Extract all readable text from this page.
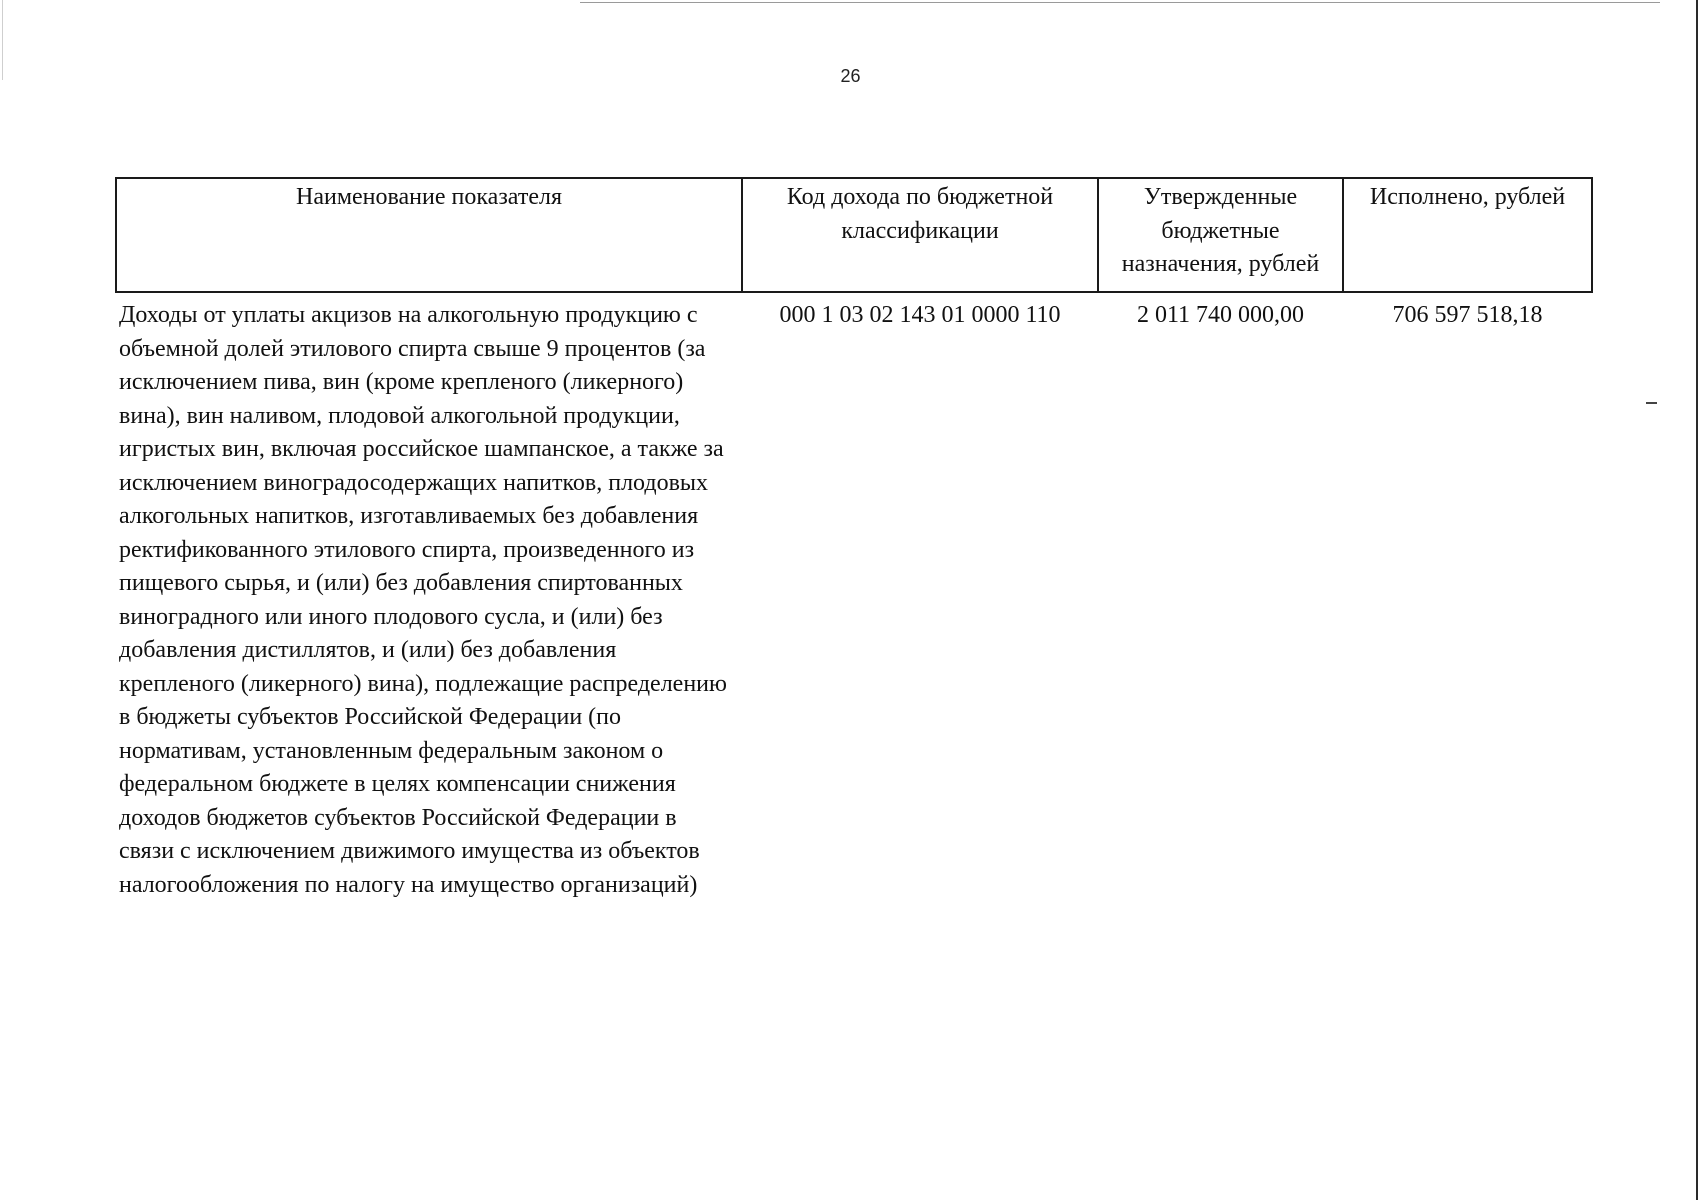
26
Наименование показателя	Код дохода по бюджетной классификации	Утвержденные бюджетные назначения, рублей	Исполнено, рублей
Доходы от уплаты акцизов на алкогольную продукцию с объемной долей этилового спирта свыше 9 процентов (за исключением пива, вин (кроме крепленого (ликерного) вина), вин наливом, плодовой алкогольной продукции, игристых вин, включая российское шампанское, а также за исключением виноградосодержащих напитков, плодовых алкогольных напитков, изготавливаемых без добавления ректификованного этилового спирта, произведенного из пищевого сырья, и (или) без добавления спиртованных виноградного или иного плодового сусла, и (или) без добавления дистиллятов, и (или) без добавления крепленого (ликерного) вина), подлежащие распределению в бюджеты субъектов Российской Федерации (по нормативам, установленным федеральным законом о федеральном бюджете в целях компенсации снижения доходов бюджетов субъектов Российской Федерации в связи с исключением движимого имущества из объектов налогообложения по налогу на имущество организаций)	000 1 03 02 143 01 0000 110	2 011 740 000,00	706 597 518,18
